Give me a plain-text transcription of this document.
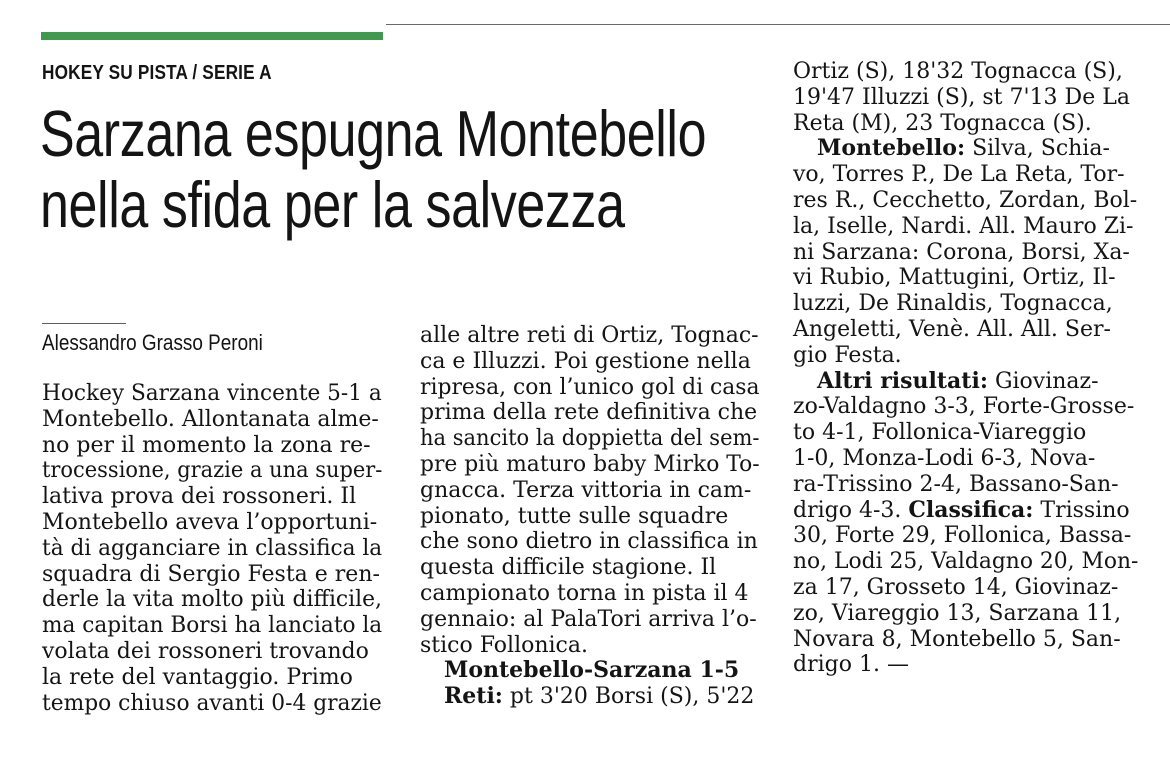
HOKEY SU PISTA / SERIE A
Sarzana espugna Montebello
nella sfida per la salvezza
Alessandro Grasso Peroni
Hockey Sarzana vincente 5-1 a
Montebello. Allontanata almе-
no per il momento la zona re-
trocessione, grazie a una super-
lativa prova dei rossoneri. Il
Montebello aveva l’opportuni-
tà di agganciare in classifica la
squadra di Sergio Festa e ren-
derle la vita molto più difficile,
ma capitan Borsi ha lanciato la
volata dei rossoneri trovando
la rete del vantaggio. Primo
tempo chiuso avanti 0-4 grazie
alle altre reti di Ortiz, Tognac-
ca e Illuzzi. Poi gestione nella
ripresa, con l’unico gol di casa
prima della rete definitiva che
ha sancito la doppietta del sem-
pre più maturo baby Mirko To-
gnacca. Terza vittoria in cam-
pionato, tutte sulle squadre
che sono dietro in classifica in
questa difficile stagione. Il
campionato torna in pista il 4
gennaio: al PalaTori arriva l’o-
stico Follonica.
Montebello-Sarzana 1-5
Reti: pt 3'20 Borsi (S), 5'22
Ortiz (S), 18'32 Tognacca (S),
19'47 Illuzzi (S), st 7'13 De La
Reta (M), 23 Tognacca (S).
Montebello: Silva, Schia-
vo, Torres P., De La Reta, Tor-
res R., Cecchetto, Zordan, Bol-
la, Iselle, Nardi. All. Mauro Zi-
ni Sarzana: Corona, Borsi, Xa-
vi Rubio, Mattugini, Ortiz, Il-
luzzi, De Rinaldis, Tognacca,
Angeletti, Venè. All. All. Ser-
gio Festa.
Altri risultati: Giovinaz-
zo-Valdagno 3-3, Forte-Grosse-
to 4-1, Follonica-Viareggio
1-0, Monza-Lodi 6-3, Nova-
ra-Trissino 2-4, Bassano-San-
drigo 4-3. Classifica: Trissino
30, Forte 29, Follonica, Bassa-
no, Lodi 25, Valdagno 20, Mon-
za 17, Grosseto 14, Giovinaz-
zo, Viareggio 13, Sarzana 11,
Novara 8, Montebello 5, San-
drigo 1. —
